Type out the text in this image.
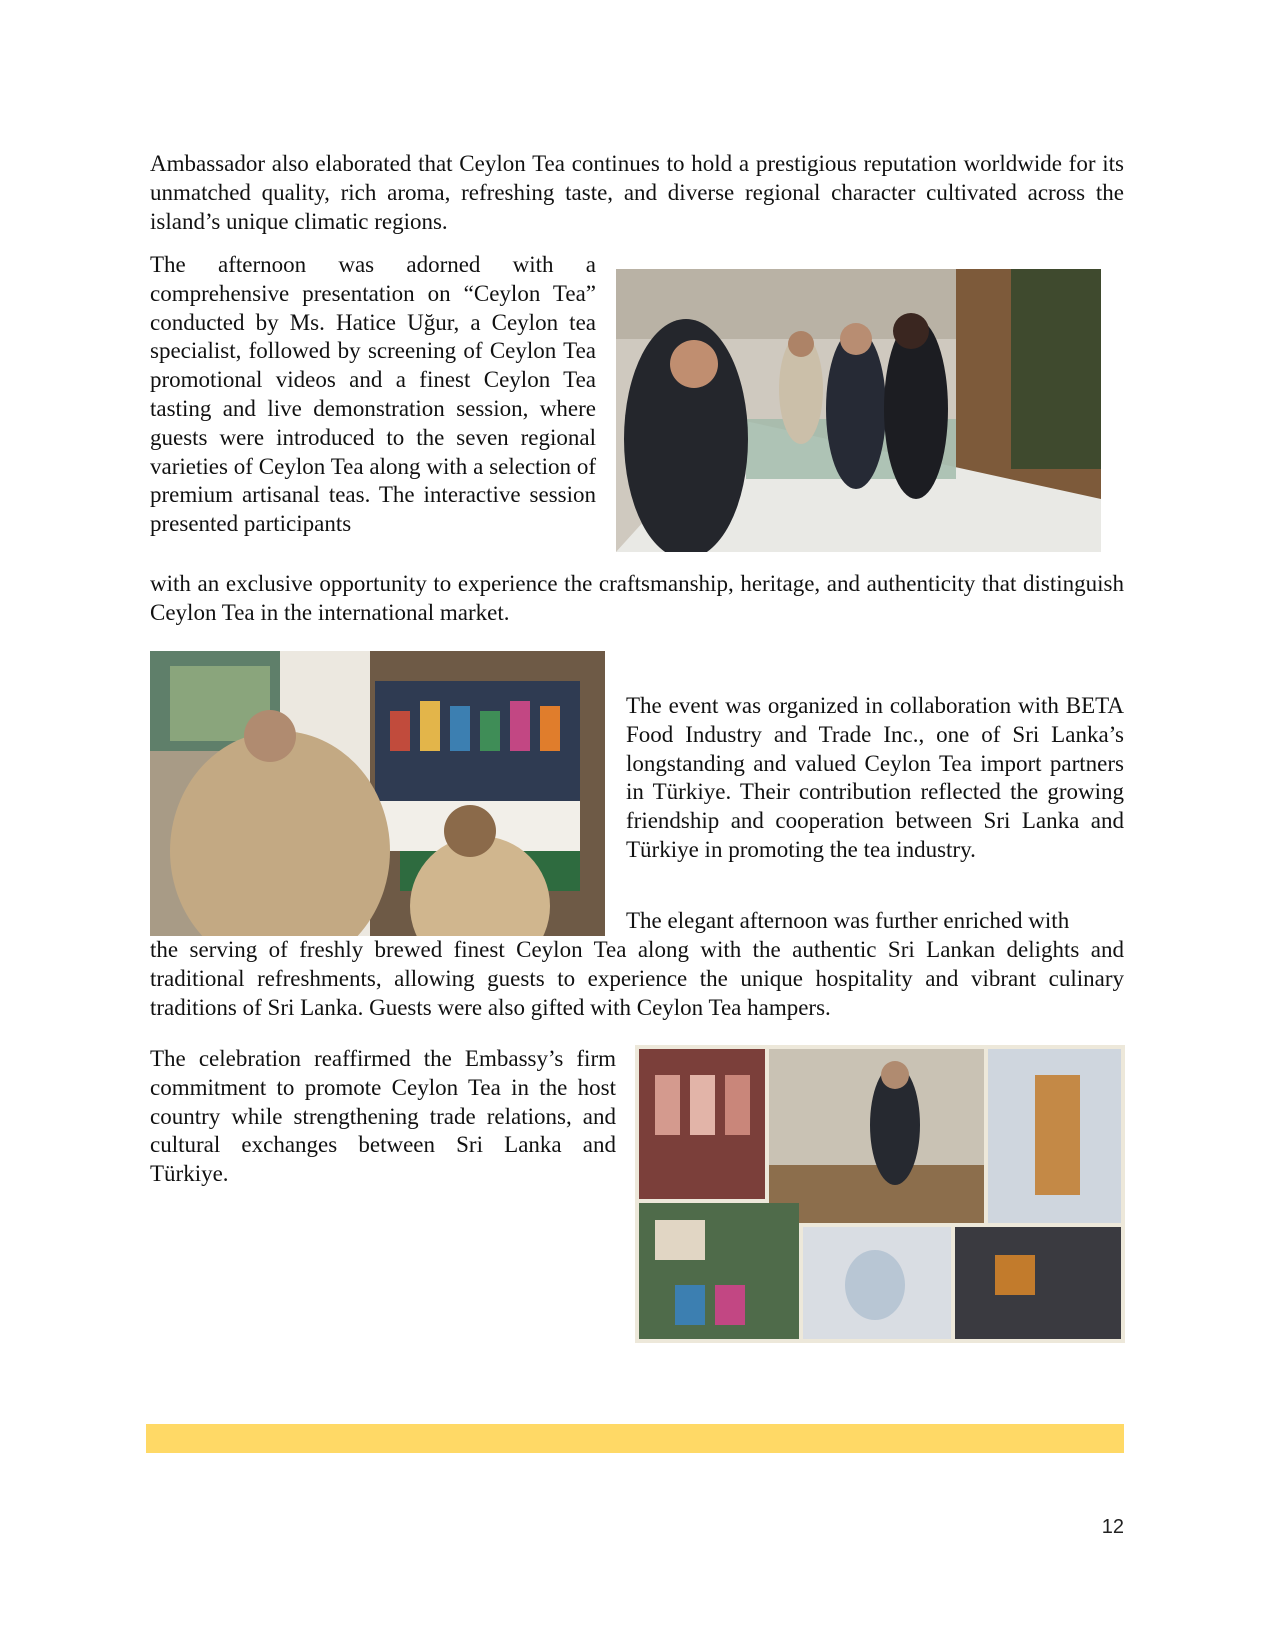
Ambassador also elaborated that Ceylon Tea continues to hold a prestigious reputation worldwide for its unmatched quality, rich aroma, refreshing taste, and diverse regional character cultivated across the island’s unique climatic regions.

The afternoon was adorned with a comprehensive presentation on “Ceylon Tea” conducted by Ms. Hatice Uğur, a Ceylon tea specialist, followed by screening of Ceylon Tea promotional videos and a finest Ceylon Tea tasting and live demonstration session, where guests were introduced to the seven regional varieties of Ceylon Tea along with a selection of premium artisanal teas. The interactive session presented participants

with an exclusive opportunity to experience the craftsmanship, heritage, and authenticity that distinguish Ceylon Tea in the international market.

The event was organized in collaboration with BETA Food Industry and Trade Inc., one of Sri Lanka’s longstanding and valued Ceylon Tea import partners in Türkiye. Their contribution reflected the growing friendship and cooperation between Sri Lanka and Türkiye in promoting the tea industry.

The elegant afternoon was further enriched with

the serving of freshly brewed finest Ceylon Tea along with the authentic Sri Lankan delights and traditional refreshments, allowing guests to experience the unique hospitality and vibrant culinary traditions of Sri Lanka. Guests were also gifted with Ceylon Tea hampers.

The celebration reaffirmed the Embassy’s firm commitment to promote Ceylon Tea in the host country while strengthening trade relations, and cultural exchanges between Sri Lanka and Türkiye.

12
